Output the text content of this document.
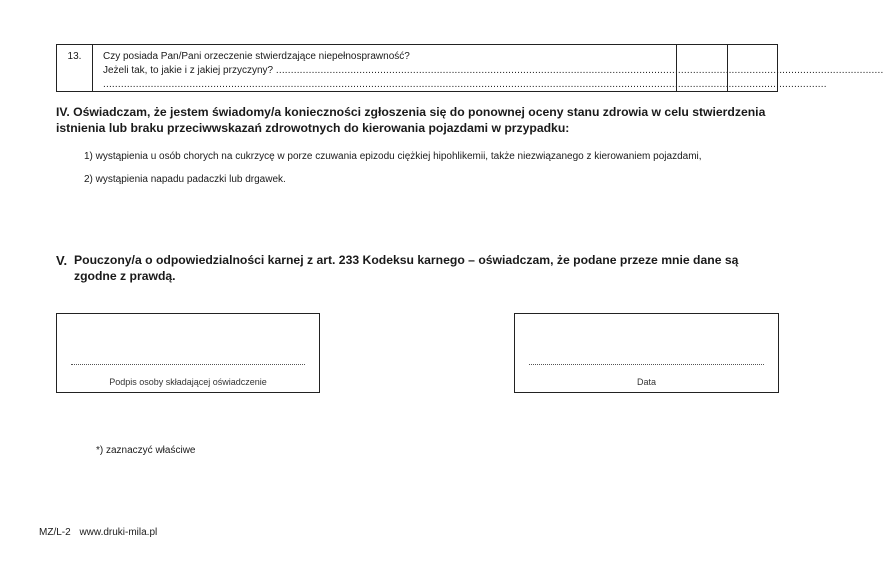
13.	Czy posiada Pan/Pani orzeczenie stwierdzające niepełnosprawność?
Jeżeli tak, to jakie i z jakiej przyczyny? ............................................................................................................................................................................................................
...................................................................................................................................................................................................................................................
IV. Oświadczam, że jestem świadomy/a konieczności zgłoszenia się do ponownej oceny stanu zdrowia w celu stwierdzenia istnienia lub braku przeciwwskazań zdrowotnych do kierowania pojazdami w przypadku:
1) wystąpienia u osób chorych na cukrzycę w porze czuwania epizodu ciężkiej hipohlikemii, także niezwiązanego z kierowaniem pojazdami,
2) wystąpienia napadu padaczki lub drgawek.
V. Pouczony/a o odpowiedzialności karnej z art. 233 Kodeksu karnego – oświadczam, że podane przeze mnie dane są zgodne z prawdą.
Podpis osoby składającej oświadczenie	Data
*) zaznaczyć właściwe
MZ/L-2 www.druki-mila.pl
